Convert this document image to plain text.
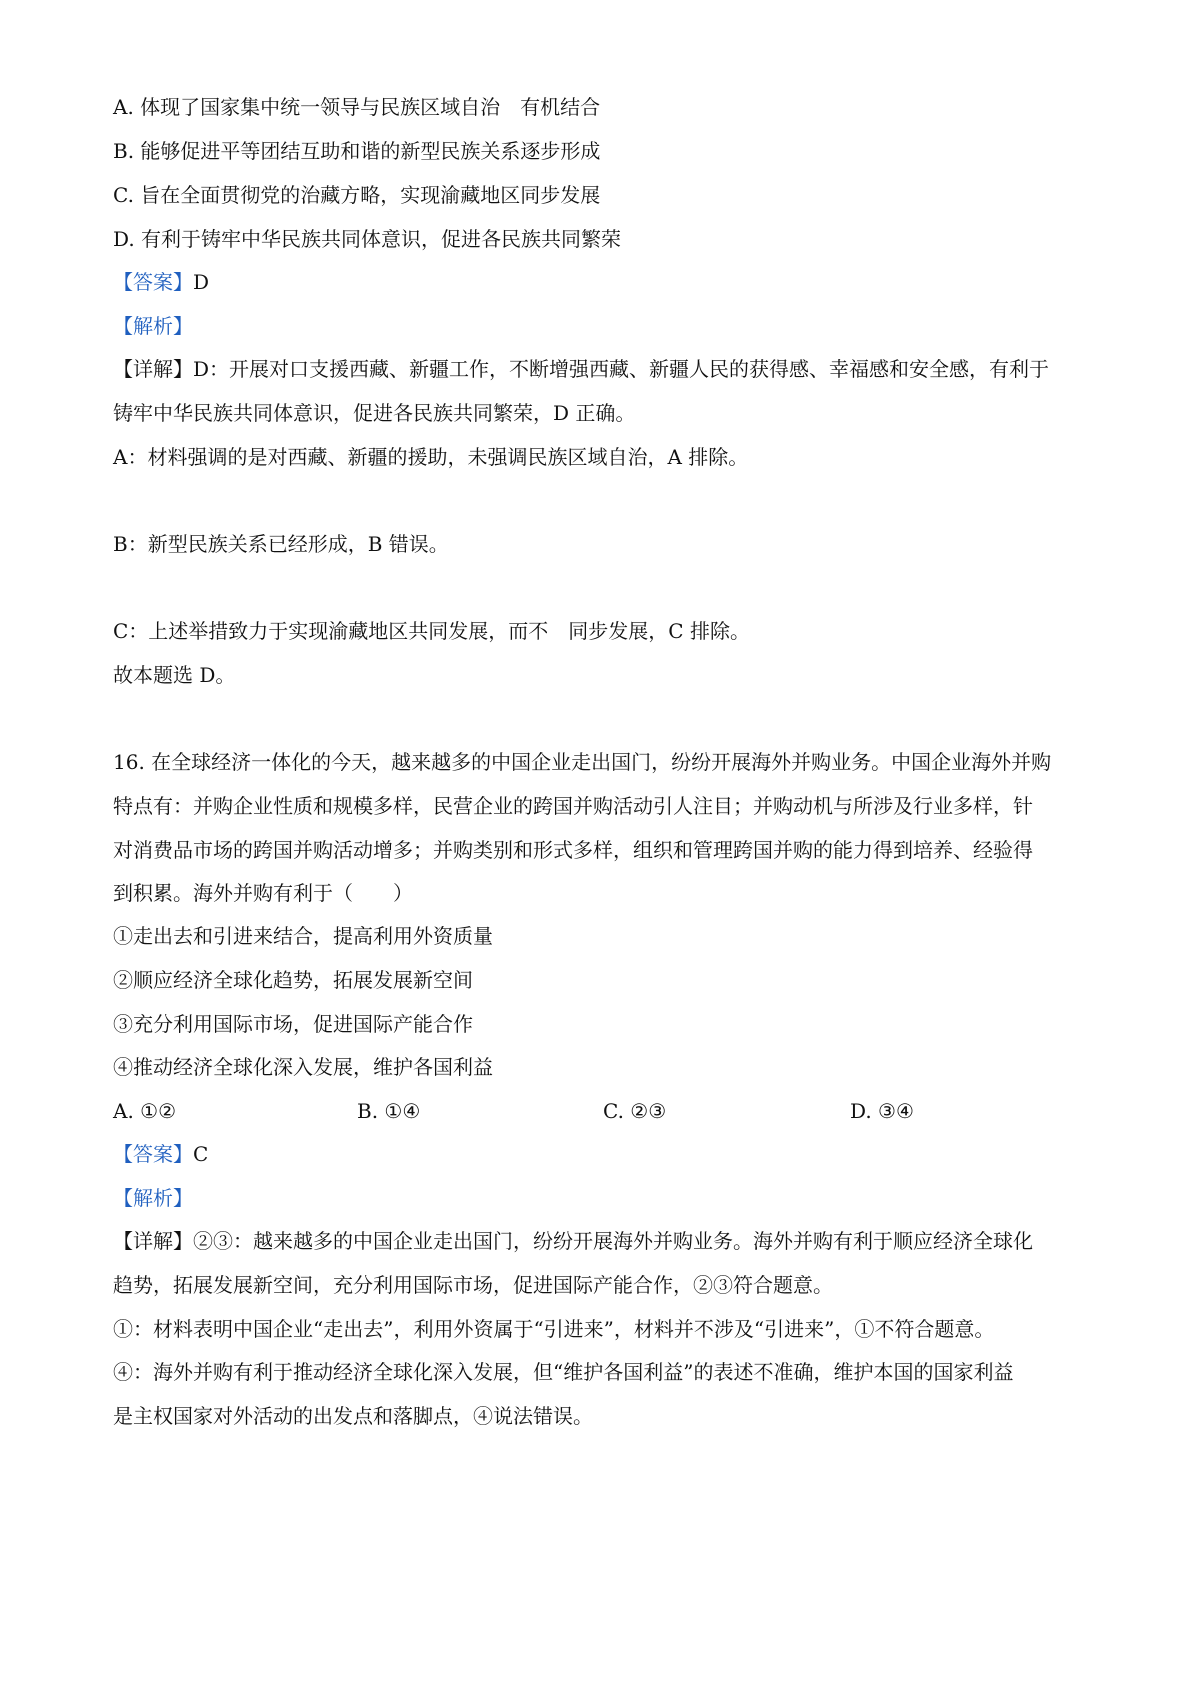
A. 体现了国家集中统一领导与民族区域自治　有机结合
B. 能够促进平等团结互助和谐的新型民族关系逐步形成
C. 旨在全面贯彻党的治藏方略，实现渝藏地区同步发展
D. 有利于铸牢中华民族共同体意识，促进各民族共同繁荣
【答案】D
【解析】
【详解】D：开展对口支援西藏、新疆工作，不断增强西藏、新疆人民的获得感、幸福感和安全感，有利于
铸牢中华民族共同体意识，促进各民族共同繁荣，D 正确。
A：材料强调的是对西藏、新疆的援助，未强调民族区域自治，A 排除。
B：新型民族关系已经形成，B 错误。
C：上述举措致力于实现渝藏地区共同发展，而不　同步发展，C 排除。
故本题选 D。
16. 在全球经济一体化的今天，越来越多的中国企业走出国门，纷纷开展海外并购业务。中国企业海外并购
特点有：并购企业性质和规模多样，民营企业的跨国并购活动引人注目；并购动机与所涉及行业多样，针
对消费品市场的跨国并购活动增多；并购类别和形式多样，组织和管理跨国并购的能力得到培养、经验得
到积累。海外并购有利于（　　）
①走出去和引进来结合，提高利用外资质量
②顺应经济全球化趋势，拓展发展新空间
③充分利用国际市场，促进国际产能合作
④推动经济全球化深入发展，维护各国利益
A. ①②	B. ①④	C. ②③	D. ③④
【答案】C
【解析】
【详解】②③：越来越多的中国企业走出国门，纷纷开展海外并购业务。海外并购有利于顺应经济全球化
趋势，拓展发展新空间，充分利用国际市场，促进国际产能合作，②③符合题意。
①：材料表明中国企业“走出去”，利用外资属于“引进来”，材料并不涉及“引进来”，①不符合题意。
④：海外并购有利于推动经济全球化深入发展，但“维护各国利益”的表述不准确，维护本国的国家利益
是主权国家对外活动的出发点和落脚点，④说法错误。
